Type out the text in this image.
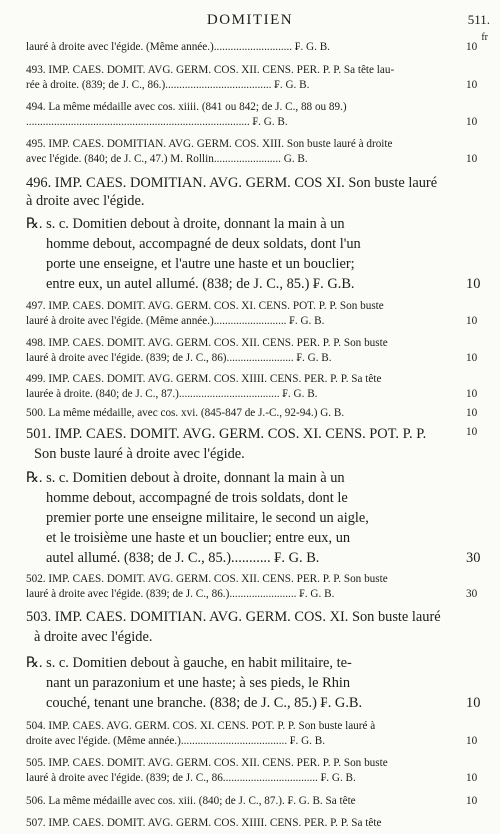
DOMITIEN	511.
fr
lauré à droite avec l'égide. (Même année.)............................ ₣. G. B.
493. IMP. CAES. DOMIT. AVG. GERM. COS. XII. CENS. PER. P. P. Sa tête lau-
rée à droite. (839; de J. C., 86.)...................................... ₣. G. B.
494. La même médaille avec cos. xiiii. (841 ou 842; de J. C., 88 ou 89.)
................................................................................ ₣. G. B.
495. IMP. CAES. DOMITIAN. AVG. GERM. COS. XIII. Son buste lauré à droite
avec l'égide. (840; de J. C., 47.) M. Rollin........................ G. B.
496. IMP. CAES. DOMITIAN. AVG. GERM. COS XI. Son buste lauré
à droite avec l'égide.
℞. s. c. Domitien debout à droite, donnant la main à un
homme debout, accompagné de deux soldats, dont l'un
porte une enseigne, et l'autre une haste et un bouclier;
entre eux, un autel allumé. (838; de J. C., 85.) ₣. G.B.
497. IMP. CAES. DOMIT. AVG. GERM. COS. XI. CENS. POT. P. P. Son buste
lauré à droite avec l'égide. (Même année.).......................... ₣. G. B.
498. IMP. CAES. DOMIT. AVG. GERM. COS. XII. CENS. PER. P. P. Son buste
lauré à droite avec l'égide. (839; de J. C., 86)........................ ₣. G. B.
499. IMP. CAES. DOMIT. AVG. GERM. COS. XIIII. CENS. PER. P. P. Sa tête
laurée à droite. (840; de J. C., 87.).................................... ₣. G. B.
500. La même médaille, avec cos. xvi. (845-847 de J.-C., 92-94.) G. B.
501. IMP. CAES. DOMIT. AVG. GERM. COS. XI. CENS. POT. P. P.
Son buste lauré à droite avec l'égide.
℞. s. c. Domitien debout à droite, donnant la main à un
homme debout, accompagné de trois soldats, dont le
premier porte une enseigne militaire, le second un aigle,
et le troisième une haste et un bouclier; entre eux, un
autel allumé. (838; de J. C., 85.)........... ₣. G. B.
502. IMP. CAES. DOMIT. AVG. GERM. COS. XII. CENS. PER. P. P. Son buste
lauré à droite avec l'égide. (839; de J. C., 86.)........................ ₣. G. B.
503. IMP. CAES. DOMITIAN. AVG. GERM. COS. XI. Son buste lauré
à droite avec l'égide.
℞. s. c. Domitien debout à gauche, en habit militaire, te-
nant un parazonium et une haste; à ses pieds, le Rhin
couché, tenant une branche. (838; de J. C., 85.) ₣. G.B.
504. IMP. CAES. AVG. GERM. COS. XI. CENS. POT. P. P. Son buste lauré à
droite avec l'égide. (Même année.)...................................... ₣. G. B.
505. IMP. CAES. DOMIT. AVG. GERM. COS. XII. CENS. PER. P. P. Son buste
lauré à droite avec l'égide. (839; de J. C., 86.................................. ₣. G. B.
506. La même médaille avec cos. xiii. (840; de J. C., 87.). ₣. G. B. Sa tête
507. IMP. CAES. DOMIT. AVG. GERM. COS. XIIII. CENS. PER. P. P. Sa tête
10
10
10
10
10
10
10
10
10
10
30
30
10
10
10
10
